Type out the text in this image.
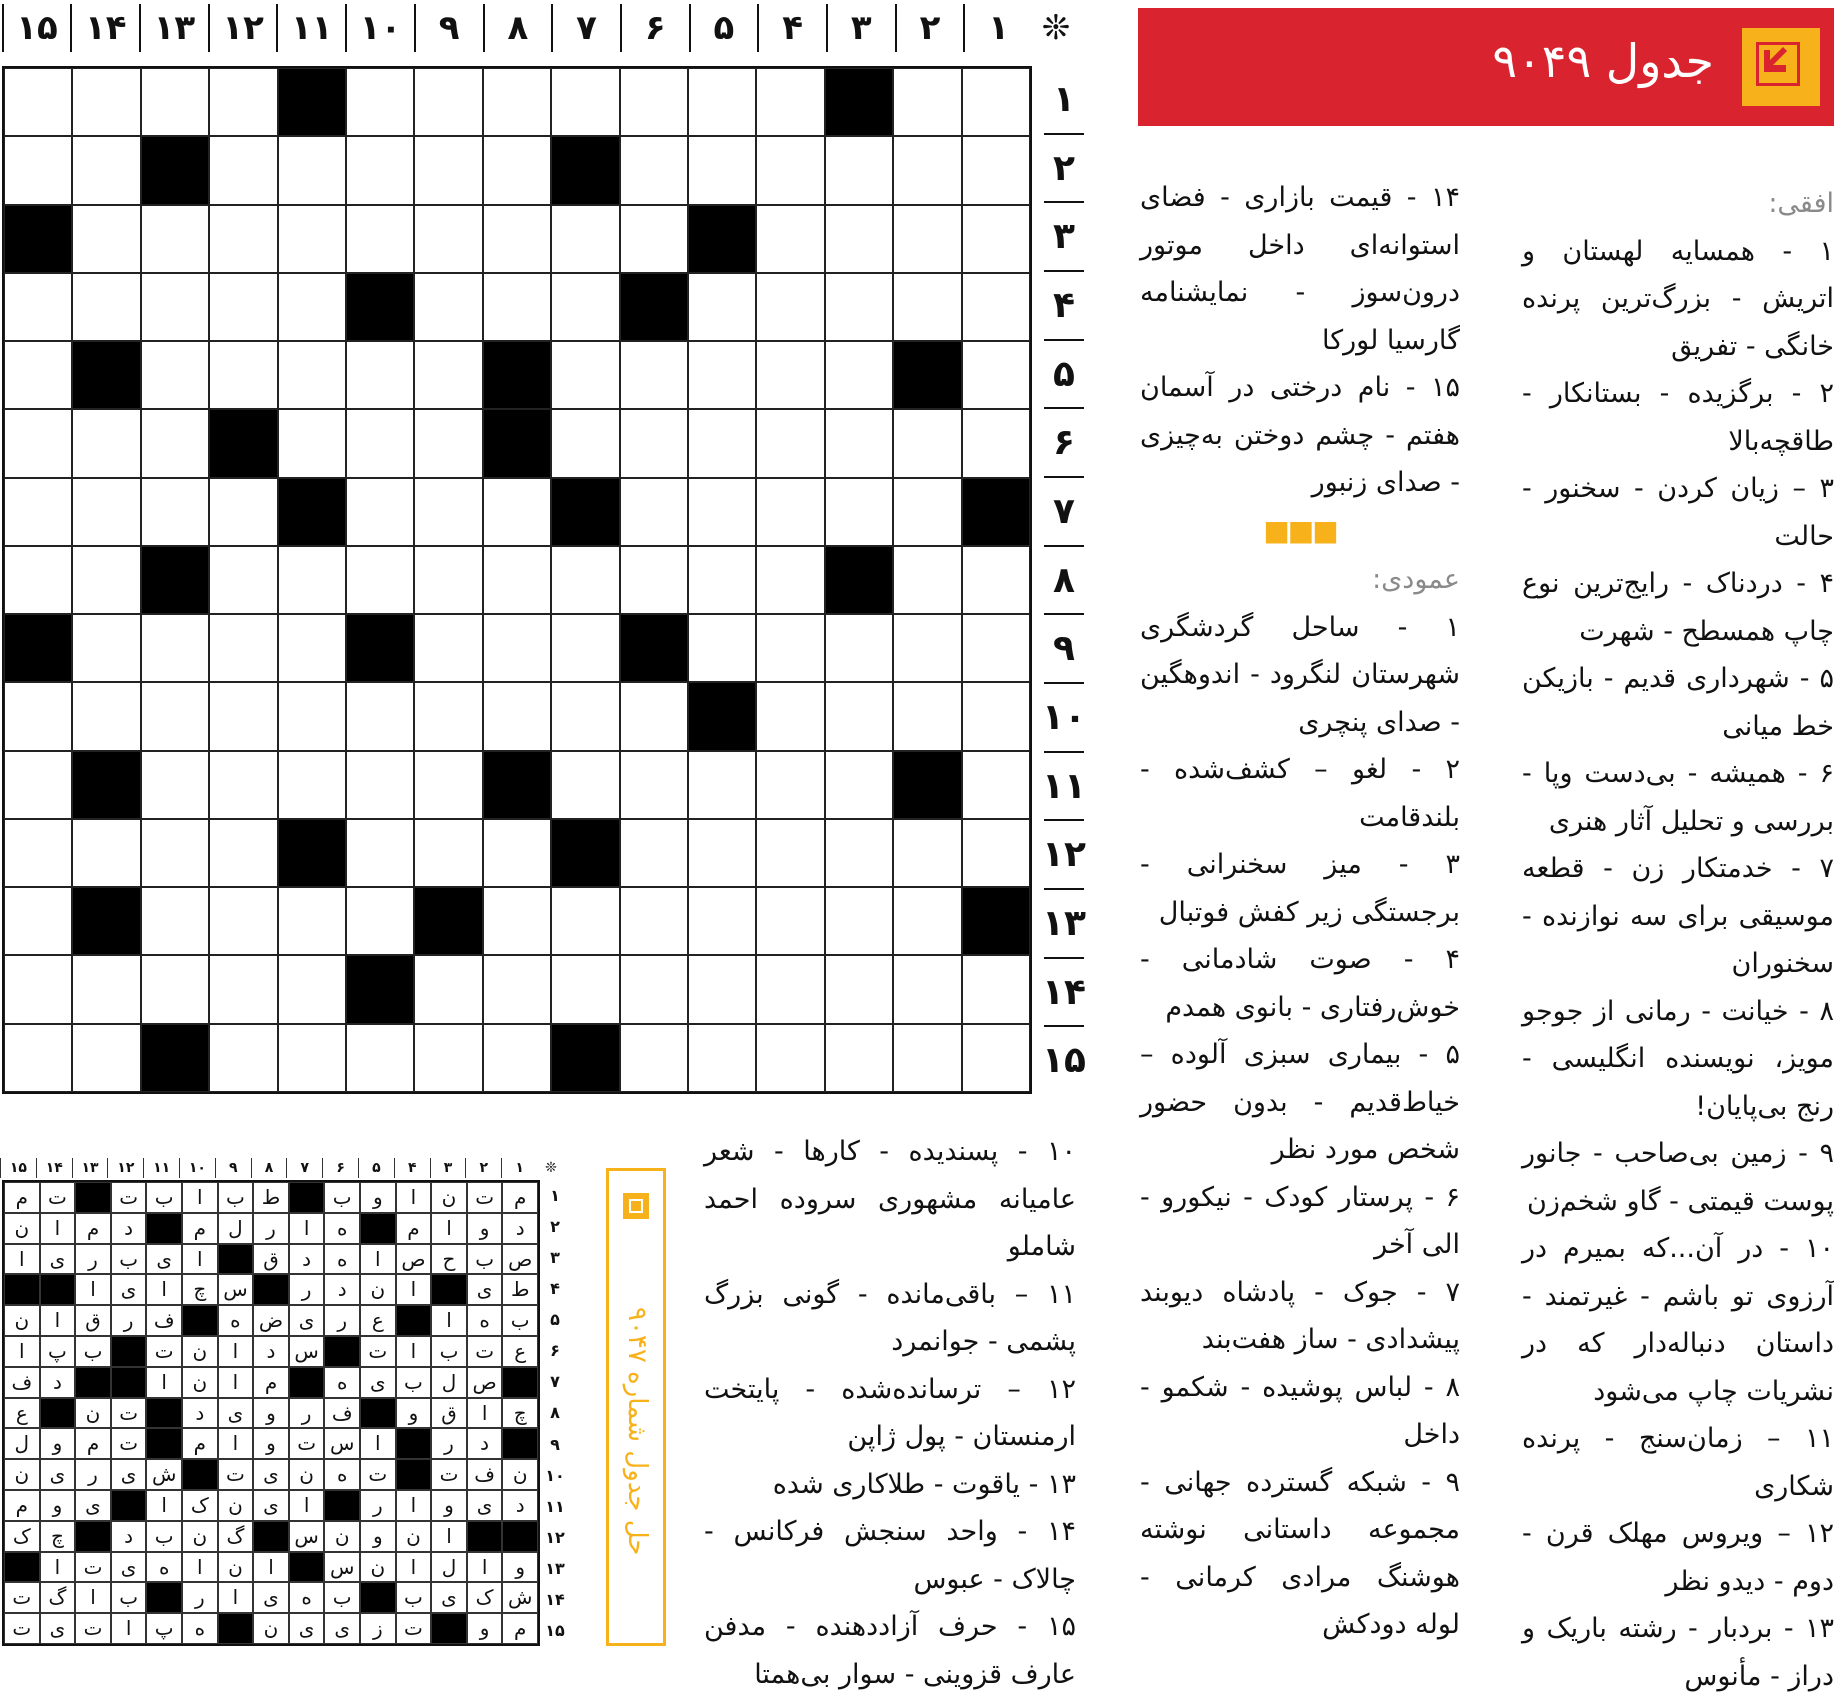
جدول ۹۰۴۹
❊
۱
۲
۳
۴
۵
۶
۷
۸
۹
۱۰
۱۱
۱۲
۱۳
۱۴
۱۵
۱
۲
۳
۴
۵
۶
۷
۸
۹
۱۰
۱۱
۱۲
۱۳
۱۴
۱۵

افقی:

۱ - همسایه لهستان و اتریش - بزرگ‌ترین پرنده خانگی - تفریق

۲ - برگزیده - بستانکار - طاقچه‌بالا

۳ – زیان کردن - سخنور - حالت

۴ - دردناک - رایج‌ترین نوع چاپ همسطح - شهرت

۵ - شهرداری قدیم - بازیکن خط میانی

۶ - همیشه - بی‌دست وپا - بررسی و تحلیل آثار هنری

۷ - خدمتکار زن - قطعه موسیقی برای سه نوازنده - سخنوران

۸ - خیانت - رمانی از جوجو مویز، نویسنده انگلیسی - رنج بی‌پایان!

۹ - زمین بی‌صاحب - جانور پوست قیمتی - گاو شخم‌زن

۱۰ - در آن...که بمیرم در آرزوی تو باشم - غیرتمند - داستان دنباله‌دار که در نشریات چاپ می‌شود

۱۱ – زمان‌سنج - پرنده شکاری

۱۲ – ویروس مهلک قرن - دوم - دیدو نظر

۱۳ - بردبار - رشته باریک و دراز - مأنوس

۱۴ - قیمت بازاری - فضای استوانه‌ای داخل موتور درون‌سوز - نمایشنامه گارسیا لورکا

۱۵ - نام درختی در آسمان هفتم - چشم دوختن به‌چیزی - صدای زنبور

■■■

عمودی:

۱ - ساحل گردشگری شهرستان لنگرود - اندوهگین - صدای پنچری

۲ - لغو – کشف‌شده - بلندقامت

۳ - میز سخنرانی - برجستگی زیر کفش فوتبال

۴ - صوت شادمانی - خوش‌رفتاری - بانوی همدم

۵ - بیماری سبزی آلوده – خیاط‌قدیم - بدون حضور شخص مورد نظر

۶ - پرستار کودک - نیکورو - الی آخر

۷ - جوک - پادشاه دیوبند پیشدادی - ساز هفت‌بند

۸ - لباس پوشیده - شکمو - داخل

۹ - شبکه گسترده جهانی - مجموعه داستانی نوشته هوشنگ مرادی کرمانی - لوله دودکش

۱۰ - پسندیده - کارها - شعر عامیانه مشهوری سروده احمد شاملو

۱۱ – باقی‌مانده - گونی بزرگ پشمی - جوانمرد

۱۲ – ترسانده‌شده - پایتخت ارمنستان - پول ژاپن

۱۳ - یاقوت - طلاکاری شده

۱۴ - واحد سنجش فرکانس - چالاک - عبوس

۱۵ - حرف آزاددهنده - مدفن عارف قزوینی - سوار بی‌همتا

❊
۱
۲
۳
۴
۵
۶
۷
۸
۹
۱۰
۱۱
۱۲
۱۳
۱۴
۱۵
م
ت
ن
ا
و
ب
ط
ب
ا
ب
ت
ت
م
د
و
ا
م
ه
ا
ر
ل
م
د
م
ا
ن
ص
ب
ح
ص
ا
ه
د
ق
ا
ی
ب
ر
ی
ا
ط
ی
ا
ن
د
ر
س
چ
ا
ی
ا
ب
ه
ا
ع
ر
ی
ض
ه
ف
ر
ق
ا
ن
ع
ت
ب
ا
ت
س
د
ا
ن
ت
ب
پ
ا
ص
ل
ب
ی
ه
م
ا
ن
ا
د
ف
چ
ا
ق
و
ف
ر
و
ی
د
ت
ن
ع
د
ر
ا
س
ت
و
ا
م
ت
م
و
ل
ن
ف
ت
ت
ه
ن
ی
ت
ش
ی
ر
ی
ن
د
ی
و
ا
ر
ا
ی
ن
ک
ا
ی
و
م
ا
ن
و
ن
س
گ
ن
ب
د
چ
ک
و
ا
ل
ا
ن
س
ا
ن
ا
ه
ی
ت
ا
ش
ک
ی
ب
ب
ه
ی
ا
ر
ب
ا
گ
ت
م
و
ت
ز
ی
ی
ن
ه
پ
ا
ت
ی
ت
۱
۲
۳
۴
۵
۶
۷
۸
۹
۱۰
۱۱
۱۲
۱۳
۱۴
۱۵
حل جدول شماره ۹۰۴۷
